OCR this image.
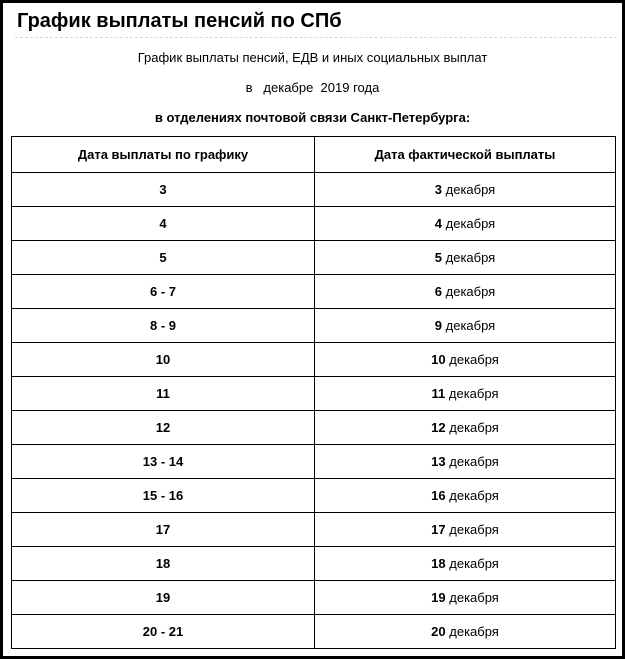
График выплаты пенсий по СПб
График выплаты пенсий, ЕДВ и иных социальных выплат
в   декабре  2019 года
в отделениях почтовой связи Санкт-Петербурга:
Дата выплаты по графику	Дата фактической выплаты
3	3 декабря
4	4 декабря
5	5 декабря
6 - 7	6 декабря
8 - 9	9 декабря
10	10 декабря
11	11 декабря
12	12 декабря
13 - 14	13 декабря
15 - 16	16 декабря
17	17 декабря
18	18 декабря
19	19 декабря
20 - 21	20 декабря
